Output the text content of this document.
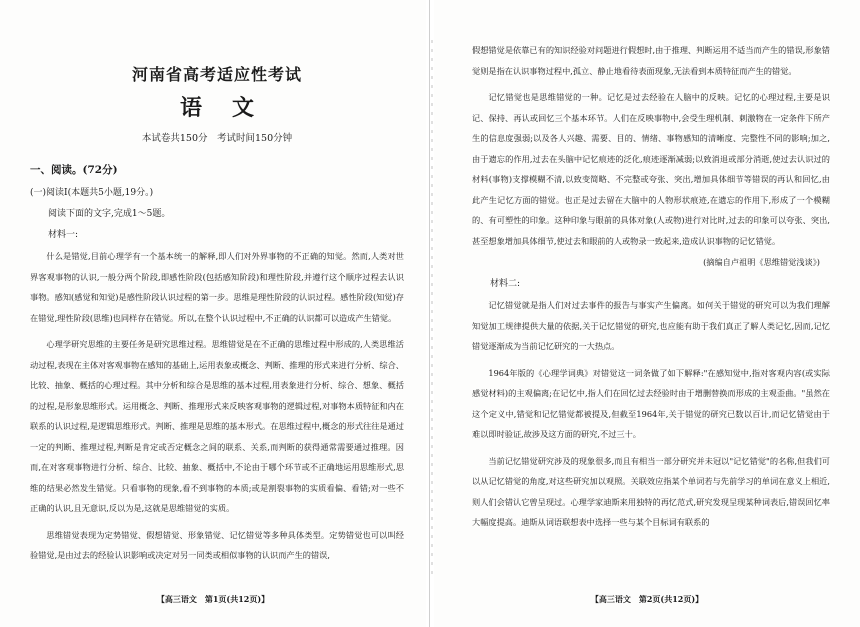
河南省高考适应性考试
语文
本试卷共150分　考试时间150分钟
一、阅读。(72分)
(一)阅读Ⅰ(本题共5小题,19分。)
阅读下面的文字,完成1～5题。
材料一:

什么是错觉,目前心理学有一个基本统一的解释,即人们对外界事物的不正确的知觉。然而,人类对世界客观事物的认识,一般分两个阶段,即感性阶段(包括感知阶段)和理性阶段,并遵行这个顺序过程去认识事物。感知(感觉和知觉)是感性阶段认识过程的第一步。思维是理性阶段的认识过程。感性阶段(知觉)存在错觉,理性阶段(思维)也同样存在错觉。所以,在整个认识过程中,不正确的认识都可以造成产生错觉。

心理学研究思维的主要任务是研究思维过程。思维错觉是在不正确的思维过程中形成的,人类思维活动过程,表现在主体对客观事物在感知的基础上,运用表象或概念、判断、推理的形式来进行分析、综合、比较、抽象、概括的心理过程。其中分析和综合是思维的基本过程,用表象进行分析、综合、想象、概括的过程,是形象思维形式。运用概念、判断、推理形式来反映客观事物的逻辑过程,对事物本质特征和内在联系的认识过程,是逻辑思维形式。判断、推理是思维的基本形式。在思维过程中,概念的形式往往是通过一定的判断、推理过程,判断是肯定或否定概念之间的联系、关系,而判断的获得通常需要通过推理。因而,在对客观事物进行分析、综合、比较、抽象、概括中,不论由于哪个环节或不正确地运用思维形式,思维的结果必然发生错觉。只看事物的现象,看不到事物的本质;或是割裂事物的实质看偏、看错;对一些不正确的认识,且无意识,反以为是,这就是思维错觉的实质。

思维错觉表现为定势错觉、假想错觉、形象错觉、记忆错觉等多种具体类型。定势错觉也可以叫经验错觉,是由过去的经验认识影响或决定对另一同类或相似事物的认识而产生的错误,

【高三语文　第1页(共12页)】

假想错觉是依靠已有的知识经验对问题进行假想时,由于推理、判断运用不适当而产生的错误,形象错觉则是指在认识事物过程中,孤立、静止地看待表面现象,无法看到本质特征而产生的错觉。

记忆错觉也是思维错觉的一种。记忆是过去经验在人脑中的反映。记忆的心理过程,主要是识记、保持、再认或回忆三个基本环节。人们在反映事物中,会受生理机制、刺激物在一定条件下所产生的信息度强弱;以及各人兴趣、需要、目的、情绪、事物感知的清晰度、完整性不同的影响;加之,由于遗忘的作用,过去在头脑中记忆痕迹的泛化,痕迹逐渐减弱;以致消退或部分消逝,使过去认识过的材料(事物)支撑模糊不清,以致变简略、不完整或夸张、突出,增加具体细节等错误的再认和回忆,由此产生记忆方面的错觉。也正是过去留在大脑中的人物形状痕迹,在遗忘的作用下,形成了一个模糊的、有可塑性的印象。这种印象与眼前的具体对象(人或物)进行对比时,过去的印象可以夸张、突出,甚至想象增加具体细节,使过去和眼前的人或物录一致起来,造成认识事物的记忆错觉。

(摘编自卢祖明《思维错觉浅谈》)
材料二:

记忆错觉就是指人们对过去事件的报告与事实产生偏离。如何关于错觉的研究可以为我们理解知觉加工规律提供大量的依据,关于记忆错觉的研究,也应能有助于我们真正了解人类记忆,因而,记忆错觉逐渐成为当前记忆研究的一大热点。

1964年版的《心理学词典》对错觉这一词条做了如下解释:"在感知觉中,指对客观内容(或实际感觉材料)的主观偏离;在记忆中,指人们在回忆过去经验时由于增删替换而形成的主观歪曲。"虽然在这个定义中,错觉和记忆错觉都被提及,但截至1964年,关于错觉的研究已数以百计,而记忆错觉由于难以即时验证,故涉及这方面的研究,不过三十。

当前记忆错觉研究涉及的现象很多,而且有相当一部分研究并未冠以"记忆错觉"的名称,但我们可以从记忆错觉的角度,对这些研究加以观照。关联效应指某个单词若与先前学习的单词在意义上相近,则人们会错认它曾呈现过。心理学家迪斯来用独特的再忆范式,研究发现呈现某种词表后,错误回忆率大幅度提高。迪斯从词语联想表中选择一些与某个目标词有联系的

【高三语文　第2页(共12页)】
